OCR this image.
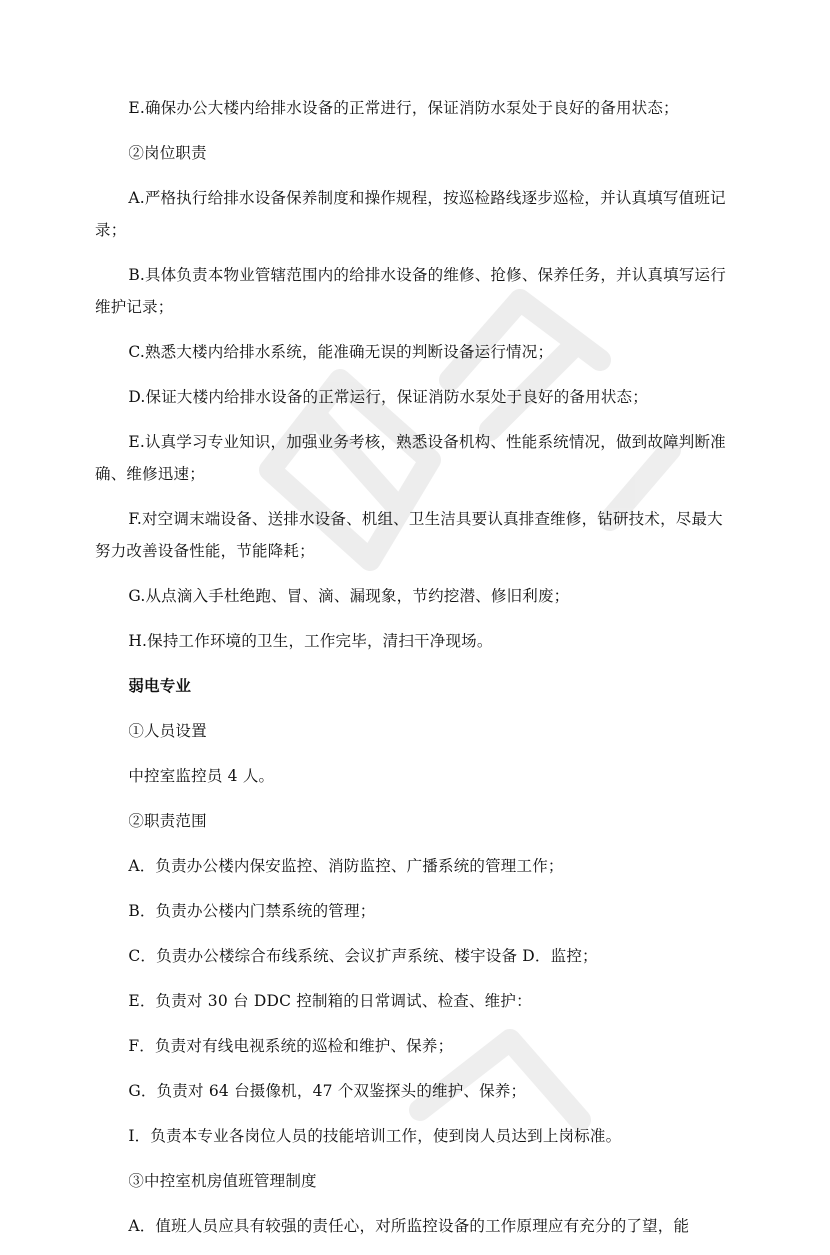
E.确保办公大楼内给排水设备的正常进行，保证消防水泵处于良好的备用状态；

②岗位职责

A.严格执行给排水设备保养制度和操作规程，按巡检路线逐步巡检，并认真填写值班记录；

B.具体负责本物业管辖范围内的给排水设备的维修、抢修、保养任务，并认真填写运行维护记录；

C.熟悉大楼内给排水系统，能准确无误的判断设备运行情况；

D.保证大楼内给排水设备的正常运行，保证消防水泵处于良好的备用状态；

E.认真学习专业知识，加强业务考核，熟悉设备机构、性能系统情况，做到故障判断准确、维修迅速；

F.对空调末端设备、送排水设备、机组、卫生洁具要认真排查维修，钻研技术，尽最大努力改善设备性能，节能降耗；

G.从点滴入手杜绝跑、冒、滴、漏现象，节约挖潜、修旧利废；

H.保持工作环境的卫生，工作完毕，清扫干净现场。

弱电专业

①人员设置

中控室监控员 4 人。

②职责范围

A．负责办公楼内保安监控、消防监控、广播系统的管理工作；

B．负责办公楼内门禁系统的管理；

C．负责办公楼综合布线系统、会议扩声系统、楼宇设备 D．监控；

E．负责对 30 台 DDC 控制箱的日常调试、检查、维护：

F．负责对有线电视系统的巡检和维护、保养；

G．负责对 64 台摄像机，47 个双鉴探头的维护、保养；

I．负责本专业各岗位人员的技能培训工作，使到岗人员达到上岗标准。

③中控室机房值班管理制度

A．值班人员应具有较强的责任心，对所监控设备的工作原理应有充分的了望，能
